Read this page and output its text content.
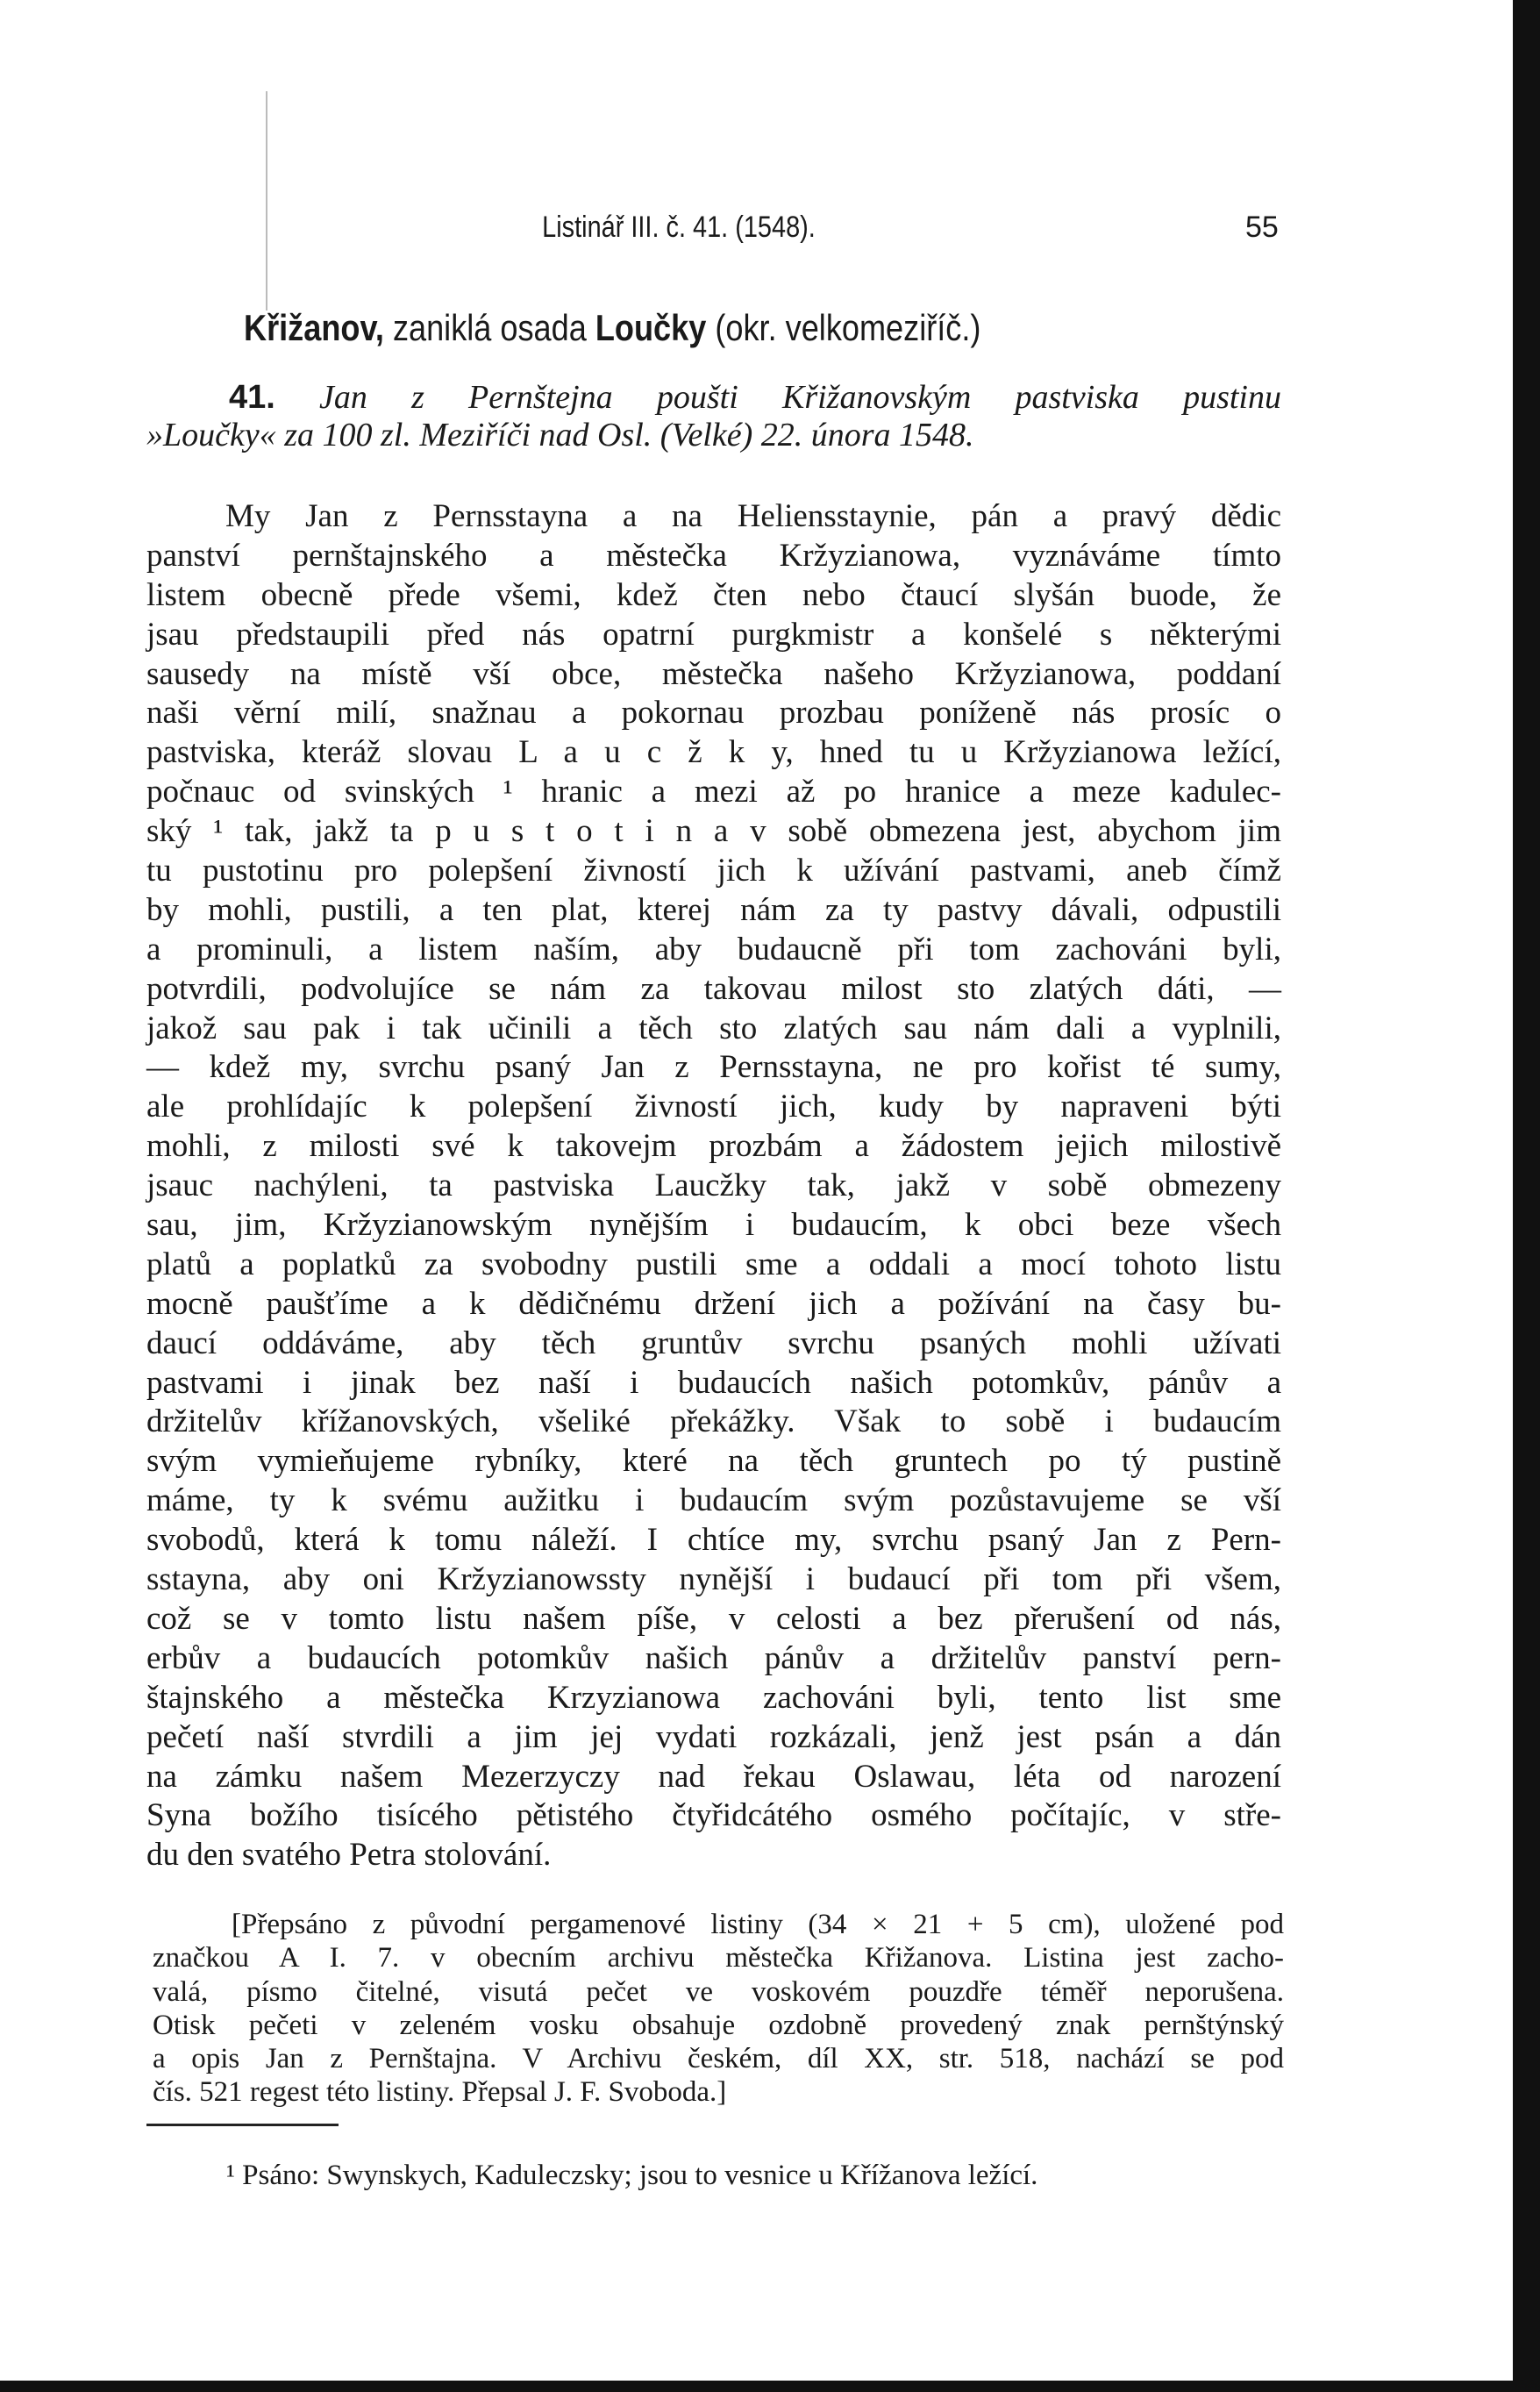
Listinář III. č. 41. (1548).	55
Křižanov, zaniklá osada Loučky (okr. velkomeziříč.)
41. Jan z Pernštejna poušti Křižanovským pastviska pustinu
»Loučky« za 100 zl. Meziříči nad Osl. (Velké) 22. února 1548.
My Jan z Pernsstayna a na Heliensstaynie, pán a pravý dědic
panství pernštajnského a městečka Kržyzianowa, vyznáváme tímto
listem obecně přede všemi, kdež čten nebo čtaucí slyšán buode, že
jsau předstaupili před nás opatrní purgkmistr a konšelé s některými
sausedy na místě vší obce, městečka našeho Kržyzianowa, poddaní
naši věrní milí, snažnau a pokornau prozbau poníženě nás prosíc o
pastviska, kteráž slovau L a u c ž k y, hned tu u Kržyzianowa ležící,
počnauc od svinských ¹ hranic a mezi až po hranice a meze kadulec-
ský ¹ tak, jakž ta p u s t o t i n a v sobě obmezena jest, abychom jim
tu pustotinu pro polepšení živností jich k užívání pastvami, aneb čímž
by mohli, pustili, a ten plat, kterej nám za ty pastvy dávali, odpustili
a prominuli, a listem naším, aby budaucně při tom zachováni byli,
potvrdili, podvolujíce se nám za takovau milost sto zlatých dáti, —
jakož sau pak i tak učinili a těch sto zlatých sau nám dali a vyplnili,
— kdež my, svrchu psaný Jan z Pernsstayna, ne pro kořist té sumy,
ale prohlídajíc k polepšení živností jich, kudy by napraveni býti
mohli, z milosti své k takovejm prozbám a žádostem jejich milostivě
jsauc nachýleni, ta pastviska Laucžky tak, jakž v sobě obmezeny
sau, jim, Kržyzianowským nynějším i budaucím, k obci beze všech
platů a poplatků za svobodny pustili sme a oddali a mocí tohoto listu
mocně paušťíme a k dědičnému držení jich a požívání na časy bu-
daucí oddáváme, aby těch gruntův svrchu psaných mohli užívati
pastvami i jinak bez naší i budaucích našich potomkův, pánův a
držitelův křížanovských, všeliké překážky. Však to sobě i budaucím
svým vymieňujeme rybníky, které na těch gruntech po tý pustině
máme, ty k svému aužitku i budaucím svým pozůstavujeme se vší
svobodů, která k tomu náleží. I chtíce my, svrchu psaný Jan z Pern-
sstayna, aby oni Kržyzianowssty nynější i budaucí při tom při všem,
což se v tomto listu našem píše, v celosti a bez přerušení od nás,
erbův a budaucích potomkův našich pánův a držitelův panství pern-
štajnského a městečka Krzyzianowa zachováni byli, tento list sme
pečetí naší stvrdili a jim jej vydati rozkázali, jenž jest psán a dán
na zámku našem Mezerzyczy nad řekau Oslawau, léta od narození
Syna božího tisícého pětistého čtyřidcátého osmého počítajíc, v stře-
du den svatého Petra stolování.
[Přepsáno z původní pergamenové listiny (34 × 21 + 5 cm), uložené pod
značkou A I. 7. v obecním archivu městečka Křižanova. Listina jest zacho-
valá, písmo čitelné, visutá pečet ve voskovém pouzdře téměř neporušena.
Otisk pečeti v zeleném vosku obsahuje ozdobně provedený znak pernštýnský
a opis Jan z Pernštajna. V Archivu českém, díl XX, str. 518, nachází se pod
čís. 521 regest této listiny. Přepsal J. F. Svoboda.]
¹ Psáno: Swynskych, Kaduleczsky; jsou to vesnice u Křížanova ležící.
